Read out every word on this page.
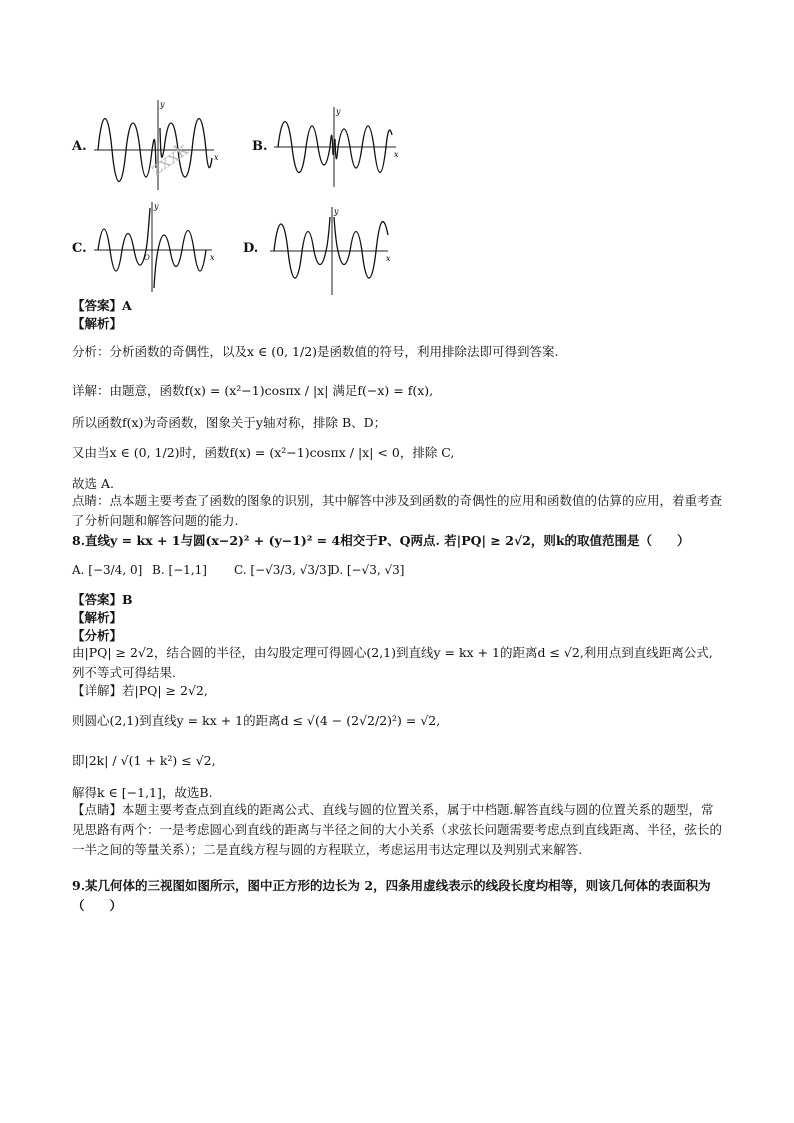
A.
x
y
zxxk	B.
x
y
C.
x
y
O
D.
x
y
【答案】A
【解析】
分析：分析函数的奇偶性，以及x ∈ (0, 1/2)是函数值的符号，利用排除法即可得到答案.
详解：由题意，函数f(x) = (x²−1)cosπx / |x| 满足f(−x) = f(x),
所以函数f(x)为奇函数，图象关于y轴对称，排除 B、D；
又由当x ∈ (0, 1/2)时，函数f(x) = (x²−1)cosπx / |x| < 0，排除 C,
故选 A.
点睛：点本题主要考查了函数的图象的识别，其中解答中涉及到函数的奇偶性的应用和函数值的估算的应用，着重考查了分析问题和解答问题的能力.
8.直线y = kx + 1与圆(x−2)² + (y−1)² = 4相交于P、Q两点. 若|PQ| ≥ 2√2，则k的取值范围是（　　）
A. [−3/4, 0] B. [−1,1] C. [−√3/3, √3/3]
D. [−√3, √3]
【答案】B
【解析】
【分析】
由|PQ| ≥ 2√2，结合圆的半径，由勾股定理可得圆心(2,1)到直线y = kx + 1的距离d ≤ √2,利用点到直线距离公式,列不等式可得结果.
【详解】若|PQ| ≥ 2√2,
则圆心(2,1)到直线y = kx + 1的距离d ≤ √(4 − (2√2/2)²) = √2,
即|2k| / √(1 + k²) ≤ √2,
解得k ∈ [−1,1]，故选B.
【点睛】本题主要考查点到直线的距离公式、直线与圆的位置关系，属于中档题.解答直线与圆的位置关系的题型，常见思路有两个：一是考虑圆心到直线的距离与半径之间的大小关系（求弦长问题需要考虑点到直线距离、半径，弦长的一半之间的等量关系）；二是直线方程与圆的方程联立，考虑运用韦达定理以及判别式来解答.
9.某几何体的三视图如图所示，图中正方形的边长为 2，四条用虚线表示的线段长度均相等，则该几何体的表面积为（　　）
